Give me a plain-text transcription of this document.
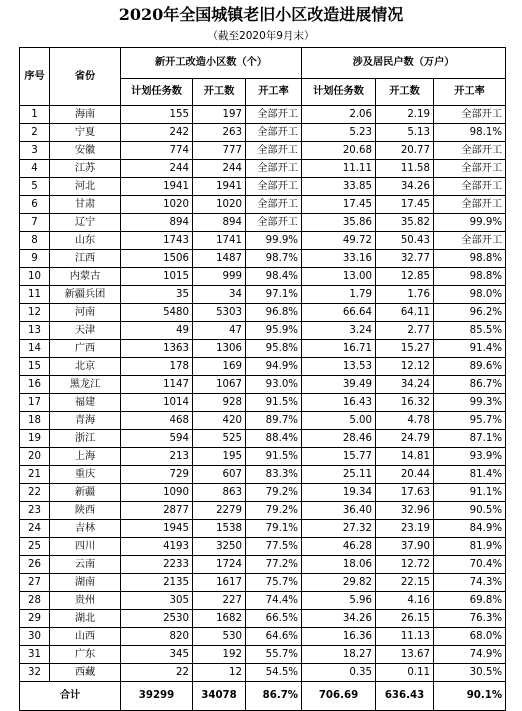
2020年全国城镇老旧小区改造进展情况
（截至2020年9月末）
序号	省份	新开工改造小区数（个）			涉及居民户数（万户）		
		计划任务数	开工数	开工率	计划任务数	开工数	开工率
1	海南	155	197	全部开工	2.06	2.19	全部开工
2	宁夏	242	263	全部开工	5.23	5.13	98.1%
3	安徽	774	777	全部开工	20.68	20.77	全部开工
4	江苏	244	244	全部开工	11.11	11.58	全部开工
5	河北	1941	1941	全部开工	33.85	34.26	全部开工
6	甘肃	1020	1020	全部开工	17.45	17.45	全部开工
7	辽宁	894	894	全部开工	35.86	35.82	99.9%
8	山东	1743	1741	99.9%	49.72	50.43	全部开工
9	江西	1506	1487	98.7%	33.16	32.77	98.8%
10	内蒙古	1015	999	98.4%	13.00	12.85	98.8%
11	新疆兵团	35	34	97.1%	1.79	1.76	98.0%
12	河南	5480	5303	96.8%	66.64	64.11	96.2%
13	天津	49	47	95.9%	3.24	2.77	85.5%
14	广西	1363	1306	95.8%	16.71	15.27	91.4%
15	北京	178	169	94.9%	13.53	12.12	89.6%
16	黑龙江	1147	1067	93.0%	39.49	34.24	86.7%
17	福建	1014	928	91.5%	16.43	16.32	99.3%
18	青海	468	420	89.7%	5.00	4.78	95.7%
19	浙江	594	525	88.4%	28.46	24.79	87.1%
20	上海	213	195	91.5%	15.77	14.81	93.9%
21	重庆	729	607	83.3%	25.11	20.44	81.4%
22	新疆	1090	863	79.2%	19.34	17.63	91.1%
23	陕西	2877	2279	79.2%	36.40	32.96	90.5%
24	吉林	1945	1538	79.1%	27.32	23.19	84.9%
25	四川	4193	3250	77.5%	46.28	37.90	81.9%
26	云南	2233	1724	77.2%	18.06	12.72	70.4%
27	湖南	2135	1617	75.7%	29.82	22.15	74.3%
28	贵州	305	227	74.4%	5.96	4.16	69.8%
29	湖北	2530	1682	66.5%	34.26	26.15	76.3%
30	山西	820	530	64.6%	16.36	11.13	68.0%
31	广东	345	192	55.7%	18.27	13.67	74.9%
32	西藏	22	12	54.5%	0.35	0.11	30.5%
合计		39299	34078	86.7%	706.69	636.43	90.1%
